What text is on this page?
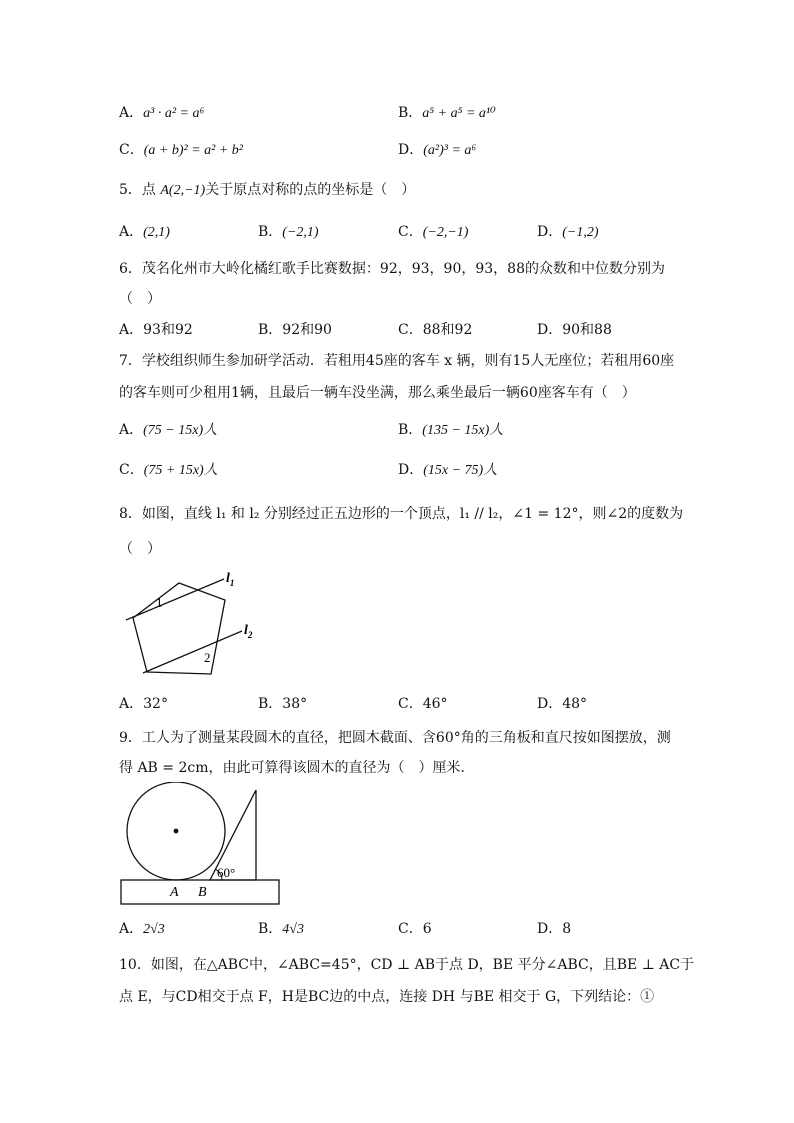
A．a³ · a² = a⁶	B．a⁵ + a⁵ = a¹⁰
C．(a + b)² = a² + b²	D．(a²)³ = a⁶
5．点 A(2,−1)关于原点对称的点的坐标是（　）
A．(2,1)	B．(−2,1)	C．(−2,−1)	D．(−1,2)
6．茂名化州市大岭化橘红歌手比赛数据：92，93，90，93，88的众数和中位数分别为
（　）
A．93和92	B．92和90	C．88和92	D．90和88
7．学校组织师生参加研学活动．若租用45座的客车 x 辆，则有15人无座位；若租用60座
的客车则可少租用1辆，且最后一辆车没坐满，那么乘坐最后一辆60座客车有（　）
A．(75 − 15x)人	B．(135 − 15x)人
C．(75 + 15x)人	D．(15x − 75)人
8．如图，直线 l₁ 和 l₂ 分别经过正五边形的一个顶点，l₁ // l₂，∠1 = 12°，则∠2的度数为
（　）
$l_1$
$l_2$
1
2
A．32°	B．38°	C．46°	D．48°
9．工人为了测量某段圆木的直径，把圆木截面、含60°角的三角板和直尺按如图摆放，测
得 AB = 2cm，由此可算得该圆木的直径为（　）厘米．
60°
A B
A．2√3	B．4√3	C．6	D．8
10．如图，在△ABC中，∠ABC=45°，CD ⊥ AB于点 D，BE 平分∠ABC，且BE ⊥ AC于
点 E，与CD相交于点 F，H是BC边的中点，连接 DH 与BE 相交于 G，下列结论：①
